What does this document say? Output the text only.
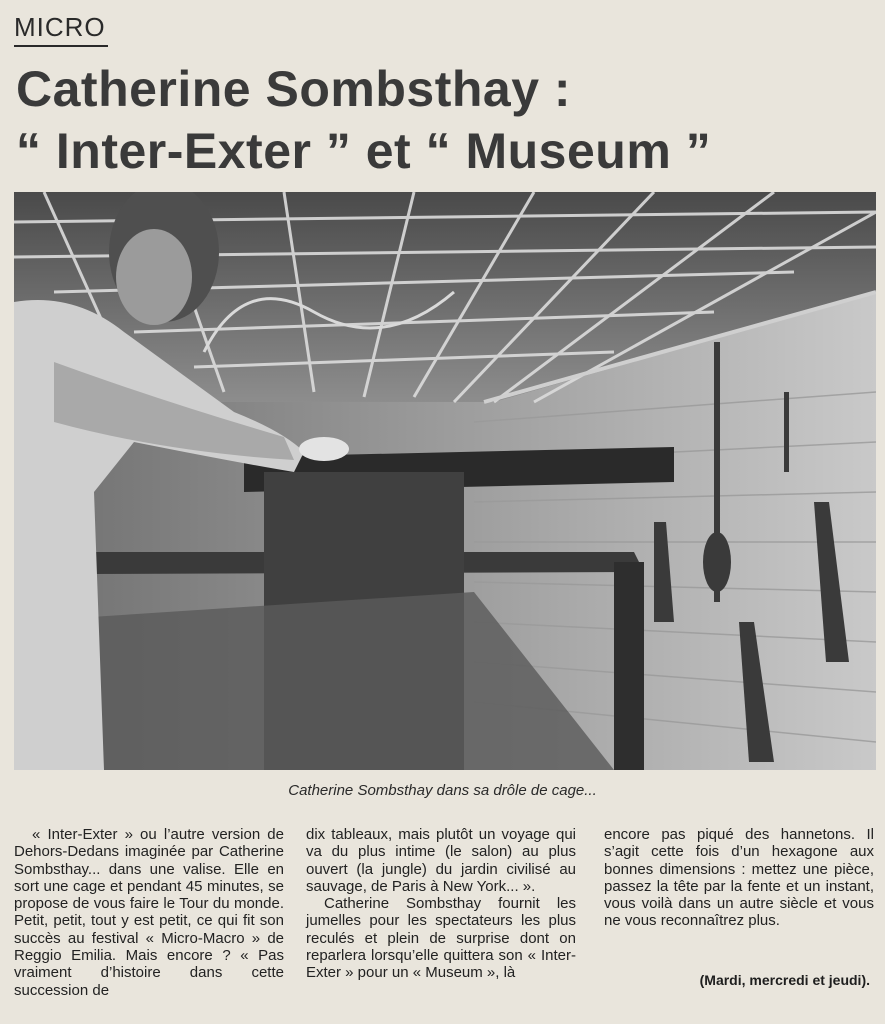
MICRO
Catherine Sombsthay :
“ Inter-Exter ” et “ Museum ”
Catherine Sombsthay dans sa drôle de cage...

« Inter-Exter » ou l’autre version de Dehors-Dedans imaginée par Catherine Sombsthay... dans une valise. Elle en sort une cage et pendant 45 minutes, se propose de vous faire le Tour du monde. Petit, petit, tout y est petit, ce qui fit son succès au festival « Micro-Macro » de Reggio Emilia. Mais encore ? « Pas vraiment d’histoire dans cette succession de

dix tableaux, mais plutôt un voyage qui va du plus intime (le salon) au plus ouvert (la jungle) du jardin civilisé au sauvage, de Paris à New York... ».

Catherine Sombsthay fournit les jumelles pour les spectateurs les plus reculés et plein de surprise dont on reparlera lorsqu’elle quittera son « Inter-Exter » pour un « Museum », là

encore pas piqué des hannetons. Il s’agit cette fois d’un hexagone aux bonnes dimensions : mettez une pièce, passez la tête par la fente et un instant, vous voilà dans un autre siècle et vous ne vous reconnaîtrez plus.

(Mardi, mercredi et jeudi).
